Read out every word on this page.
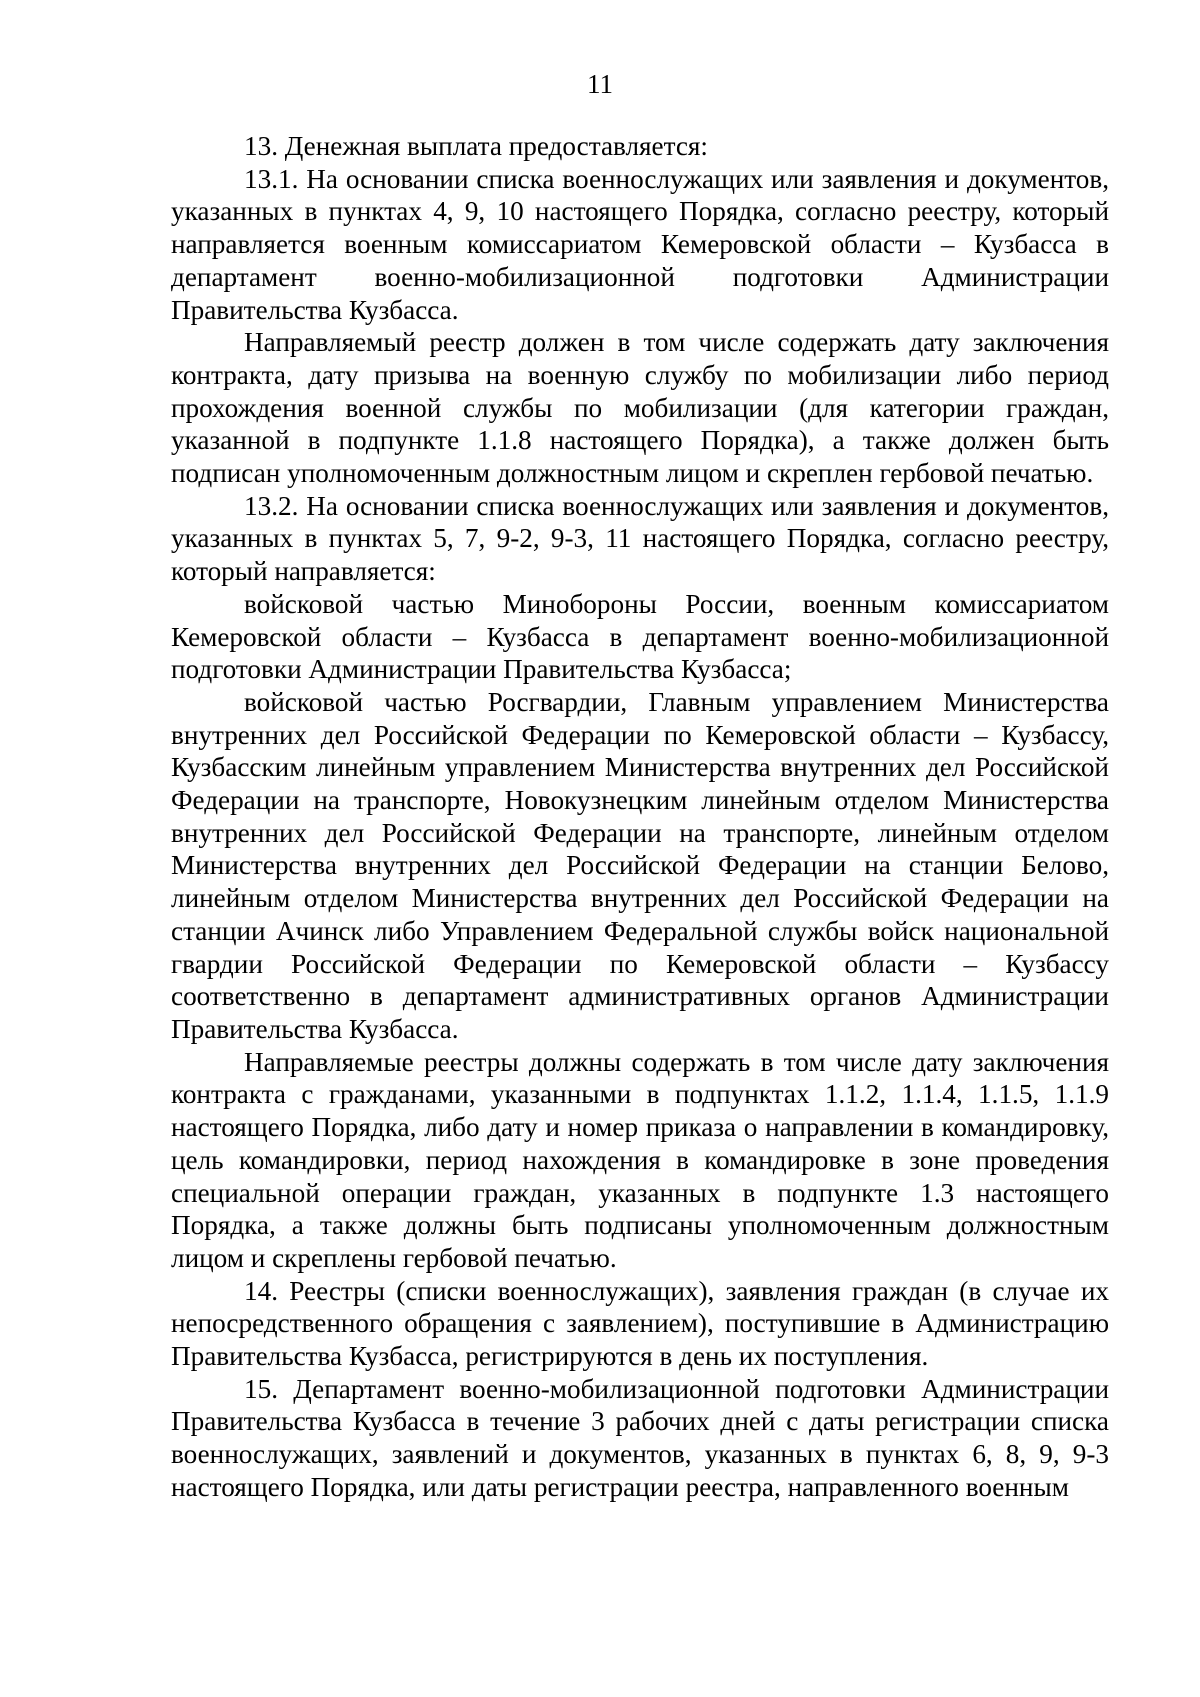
11

13. Денежная выплата предоставляется:

13.1. На основании списка военнослужащих или заявления и документов, указанных в пунктах 4, 9, 10 настоящего Порядка, согласно реестру, который направляется военным комиссариатом Кемеровской области – Кузбасса в департамент военно-мобилизационной подготовки Администрации Правительства Кузбасса.

Направляемый реестр должен в том числе содержать дату заключения контракта, дату призыва на военную службу по мобилизации либо период прохождения военной службы по мобилизации (для категории граждан, указанной в подпункте 1.1.8 настоящего Порядка), а также должен быть подписан уполномоченным должностным лицом и скреплен гербовой печатью.

13.2. На основании списка военнослужащих или заявления и документов, указанных в пунктах 5, 7, 9-2, 9-3, 11 настоящего Порядка, согласно реестру, который направляется:

войсковой частью Минобороны России, военным комиссариатом Кемеровской области – Кузбасса в департамент военно-мобилизационной подготовки Администрации Правительства Кузбасса;

войсковой частью Росгвардии, Главным управлением Министерства внутренних дел Российской Федерации по Кемеровской области – Кузбассу, Кузбасским линейным управлением Министерства внутренних дел Российской Федерации на транспорте, Новокузнецким линейным отделом Министерства внутренних дел Российской Федерации на транспорте, линейным отделом Министерства внутренних дел Российской Федерации на станции Белово, линейным отделом Министерства внутренних дел Российской Федерации на станции Ачинск либо Управлением Федеральной службы войск национальной гвардии Российской Федерации по Кемеровской области – Кузбассу соответственно в департамент административных органов Администрации Правительства Кузбасса.

Направляемые реестры должны содержать в том числе дату заключения контракта с гражданами, указанными в подпунктах 1.1.2, 1.1.4, 1.1.5, 1.1.9 настоящего Порядка, либо дату и номер приказа о направлении в командировку, цель командировки, период нахождения в командировке в зоне проведения специальной операции граждан, указанных в подпункте 1.3 настоящего Порядка, а также должны быть подписаны уполномоченным должностным лицом и скреплены гербовой печатью.

14. Реестры (списки военнослужащих), заявления граждан (в случае их непосредственного обращения с заявлением), поступившие в Администрацию Правительства Кузбасса, регистрируются в день их поступления.

15. Департамент военно-мобилизационной подготовки Администрации Правительства Кузбасса в течение 3 рабочих дней с даты регистрации списка военнослужащих, заявлений и документов, указанных в пунктах 6, 8, 9, 9-3 настоящего Порядка, или даты регистрации реестра, направленного военным
